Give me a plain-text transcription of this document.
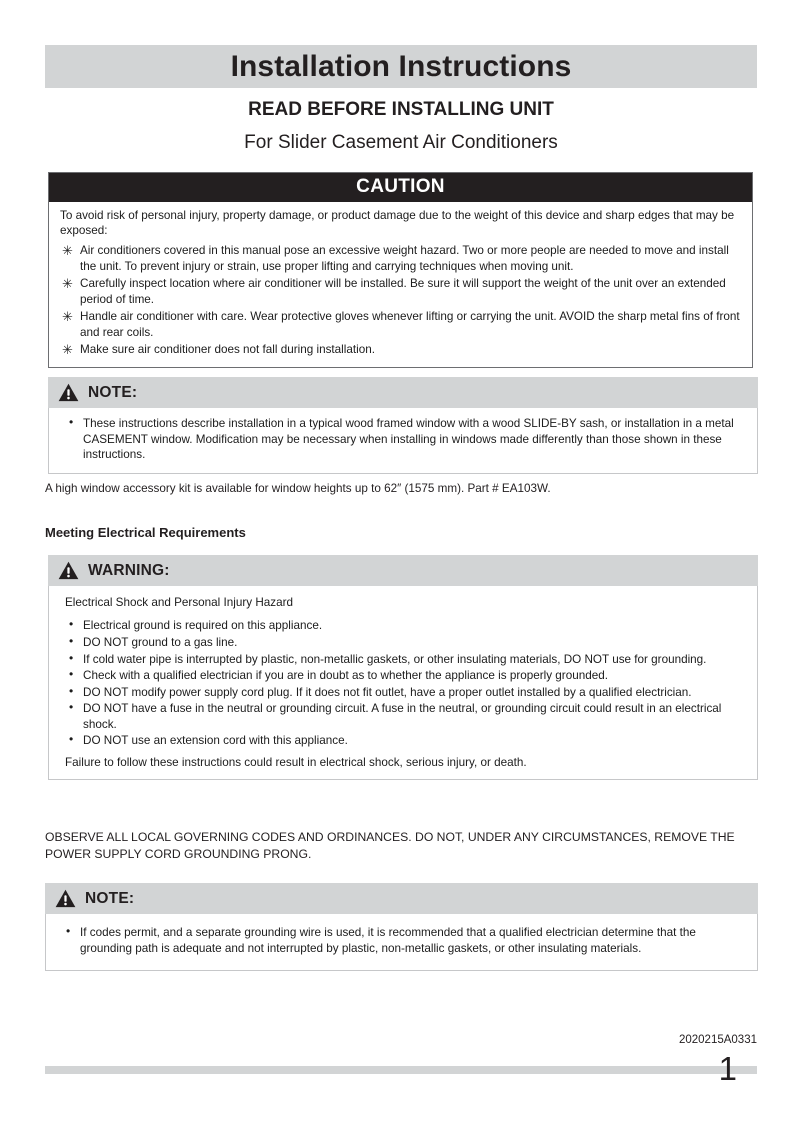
Installation Instructions
READ BEFORE INSTALLING UNIT
For Slider Casement Air Conditioners
CAUTION

To avoid risk of personal injury, property damage, or product damage due to the weight of this device and sharp edges that may be exposed:

✳ Air conditioners covered in this manual pose an excessive weight hazard. Two or more people are needed to move and install the unit. To prevent injury or strain, use proper lifting and carrying techniques when moving unit.
✳ Carefully inspect location where air conditioner will be installed. Be sure it will support the weight of the unit over an extended period of time.
✳ Handle air conditioner with care. Wear protective gloves whenever lifting or carrying the unit. AVOID the sharp metal fins of front and rear coils.
✳ Make sure air conditioner does not fall during installation.
NOTE:
• These instructions describe installation in a typical wood framed window with a wood SLIDE-BY sash, or installation in a metal CASEMENT window. Modification may be necessary when installing in windows made differently than those shown in these instructions.
A high window accessory kit is available for window heights up to 62″ (1575 mm). Part # EA103W.
Meeting Electrical Requirements
WARNING:

Electrical Shock and Personal Injury Hazard

• Electrical ground is required on this appliance.
• DO NOT ground to a gas line.
• If cold water pipe is interrupted by plastic, non-metallic gaskets, or other insulating materials, DO NOT use for grounding.
• Check with a qualified electrician if you are in doubt as to whether the appliance is properly grounded.
• DO NOT modify power supply cord plug. If it does not fit outlet, have a proper outlet installed by a qualified electrician.
• DO NOT have a fuse in the neutral or grounding circuit. A fuse in the neutral, or grounding circuit could result in an electrical shock.
• DO NOT use an extension cord with this appliance.

Failure to follow these instructions could result in electrical shock, serious injury, or death.

OBSERVE ALL LOCAL GOVERNING CODES AND ORDINANCES. DO NOT, UNDER ANY CIRCUMSTANCES, REMOVE THE POWER SUPPLY CORD GROUNDING PRONG.
NOTE:
• If codes permit, and a separate grounding wire is used, it is recommended that a qualified electrician determine that the grounding path is adequate and not interrupted by plastic, non-metallic gaskets, or other insulating materials.
2020215A0331
1
